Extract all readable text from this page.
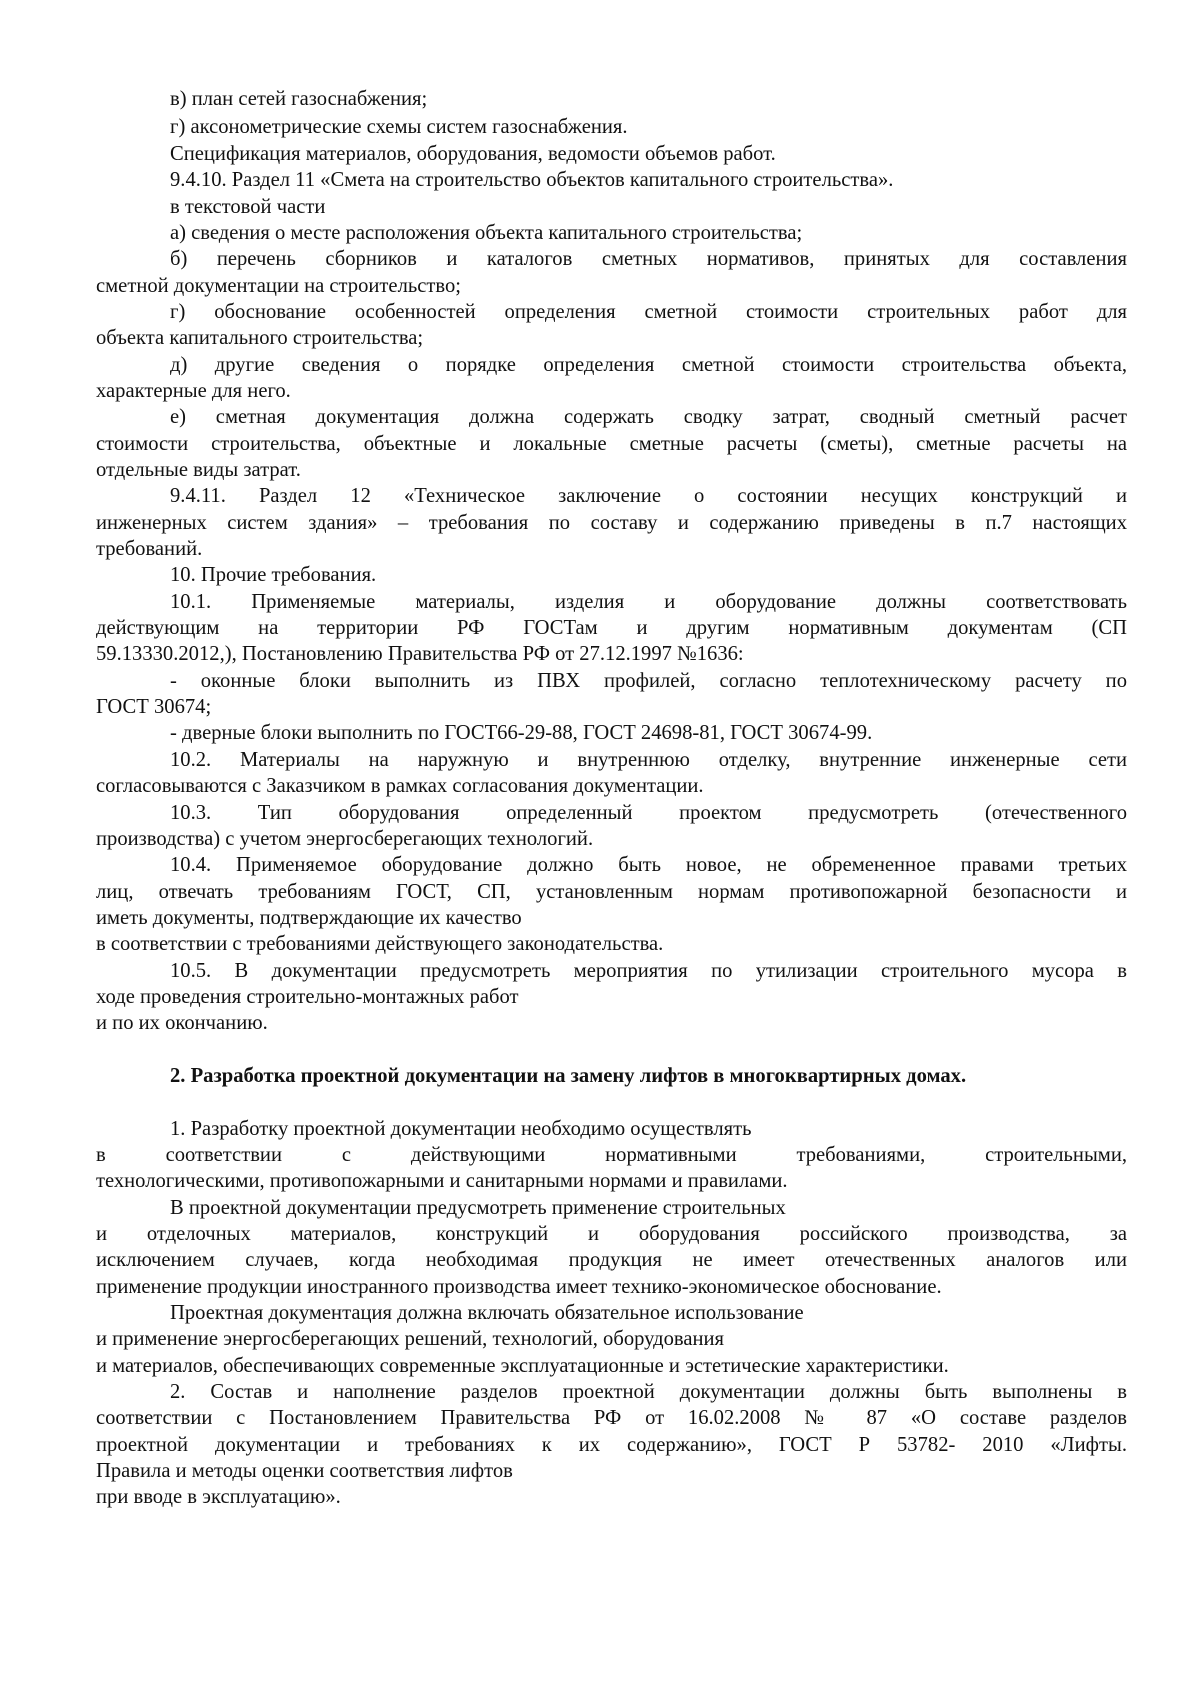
в) план сетей газоснабжения;
г) аксонометрические схемы систем газоснабжения.
Спецификация материалов, оборудования, ведомости объемов работ.
9.4.10. Раздел 11 «Смета на строительство объектов капитального строительства».
в текстовой части
а) сведения о месте расположения объекта капитального строительства;
б) перечень сборников и каталогов сметных нормативов, принятых для составления
сметной документации на строительство;
г) обоснование особенностей определения сметной стоимости строительных работ для
объекта капитального строительства;
д) другие сведения о порядке определения сметной стоимости строительства объекта,
характерные для него.
е) сметная документация должна содержать сводку затрат, сводный сметный расчет
стоимости строительства, объектные и локальные сметные расчеты (сметы), сметные расчеты на
отдельные виды затрат.
9.4.11. Раздел 12 «Техническое заключение о состоянии несущих конструкций и
инженерных систем здания» – требования по составу и содержанию приведены в п.7 настоящих
требований.
10. Прочие требования.
10.1. Применяемые материалы, изделия и оборудование должны соответствовать
действующим на территории РФ ГОСТам и другим нормативным документам (СП
59.13330.2012,), Постановлению Правительства РФ от 27.12.1997 №1636:
- оконные блоки выполнить из ПВХ профилей, согласно теплотехническому расчету по
ГОСТ 30674;
- дверные блоки выполнить по ГОСТ66-29-88, ГОСТ 24698-81, ГОСТ 30674-99.
10.2. Материалы на наружную и внутреннюю отделку, внутренние инженерные сети
согласовываются с Заказчиком в рамках согласования документации.
10.3. Тип оборудования определенный проектом предусмотреть (отечественного
производства) с учетом энергосберегающих технологий.
10.4. Применяемое оборудование должно быть новое, не обремененное правами третьих
лиц, отвечать требованиям ГОСТ, СП, установленным нормам противопожарной безопасности и
иметь документы, подтверждающие их качество
в соответствии с требованиями действующего законодательства.
10.5. В документации предусмотреть мероприятия по утилизации строительного мусора в
ходе проведения строительно-монтажных работ
и по их окончанию.
2. Разработка проектной документации на замену лифтов в многоквартирных домах.
1. Разработку проектной документации необходимо осуществлять
в соответствии с действующими нормативными требованиями, строительными,
технологическими, противопожарными и санитарными нормами и правилами.
В проектной документации предусмотреть применение строительных
и отделочных материалов, конструкций и оборудования российского производства, за
исключением случаев, когда необходимая продукция не имеет отечественных аналогов или
применение продукции иностранного производства имеет технико-экономическое обоснование.
Проектная документация должна включать обязательное использование
и применение энергосберегающих решений, технологий, оборудования
и материалов, обеспечивающих современные эксплуатационные и эстетические характеристики.
2. Состав и наполнение разделов проектной документации должны быть выполнены в
соответствии с Постановлением Правительства РФ от 16.02.2008 № 87 «О составе разделов
проектной документации и требованиях к их содержанию», ГОСТ Р 53782- 2010 «Лифты.
Правила и методы оценки соответствия лифтов
при вводе в эксплуатацию».
